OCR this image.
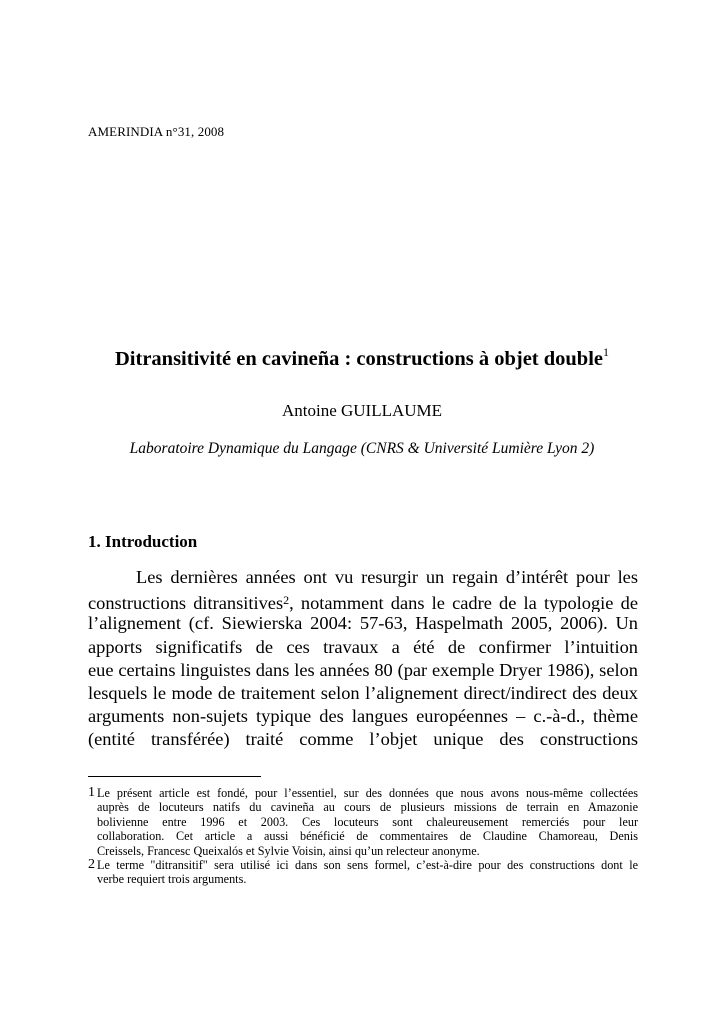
AMERINDIA n°31, 2008
Ditransitivité en cavineña : constructions à objet double$^1$
Antoine GUILLAUME
Laboratoire Dynamique du Langage (CNRS & Université Lumière Lyon 2)
1. Introduction
Les dernières années ont vu resurgir un regain d’intérêt pour les
constructions ditransitives$^2$, notamment dans le cadre de la typologie de
l’alignement (cf. Siewierska 2004: 57-63, Haspelmath 2005, 2006). Un
apports significatifs de ces travaux a été de confirmer l’intuition
eue certains linguistes dans les années 80 (par exemple Dryer 1986), selon
lesquels le mode de traitement selon l’alignement direct/indirect des deux
arguments non-sujets typique des langues européennes – c.-à-d., thème
(entité transférée) traité comme l’objet unique des constructions
1 Le présent article est fondé, pour l’essentiel, sur des données que nous avons nous-même collectées
auprès de locuteurs natifs du cavineña au cours de plusieurs missions de terrain en Amazonie
bolivienne entre 1996 et 2003. Ces locuteurs sont chaleureusement remerciés pour leur
collaboration. Cet article a aussi bénéficié de commentaires de Claudine Chamoreau, Denis
Creissels, Francesc Queixalós et Sylvie Voisin, ainsi qu’un relecteur anonyme.
2 Le terme "ditransitif" sera utilisé ici dans son sens formel, c’est-à-dire pour des constructions dont le
verbe requiert trois arguments.
